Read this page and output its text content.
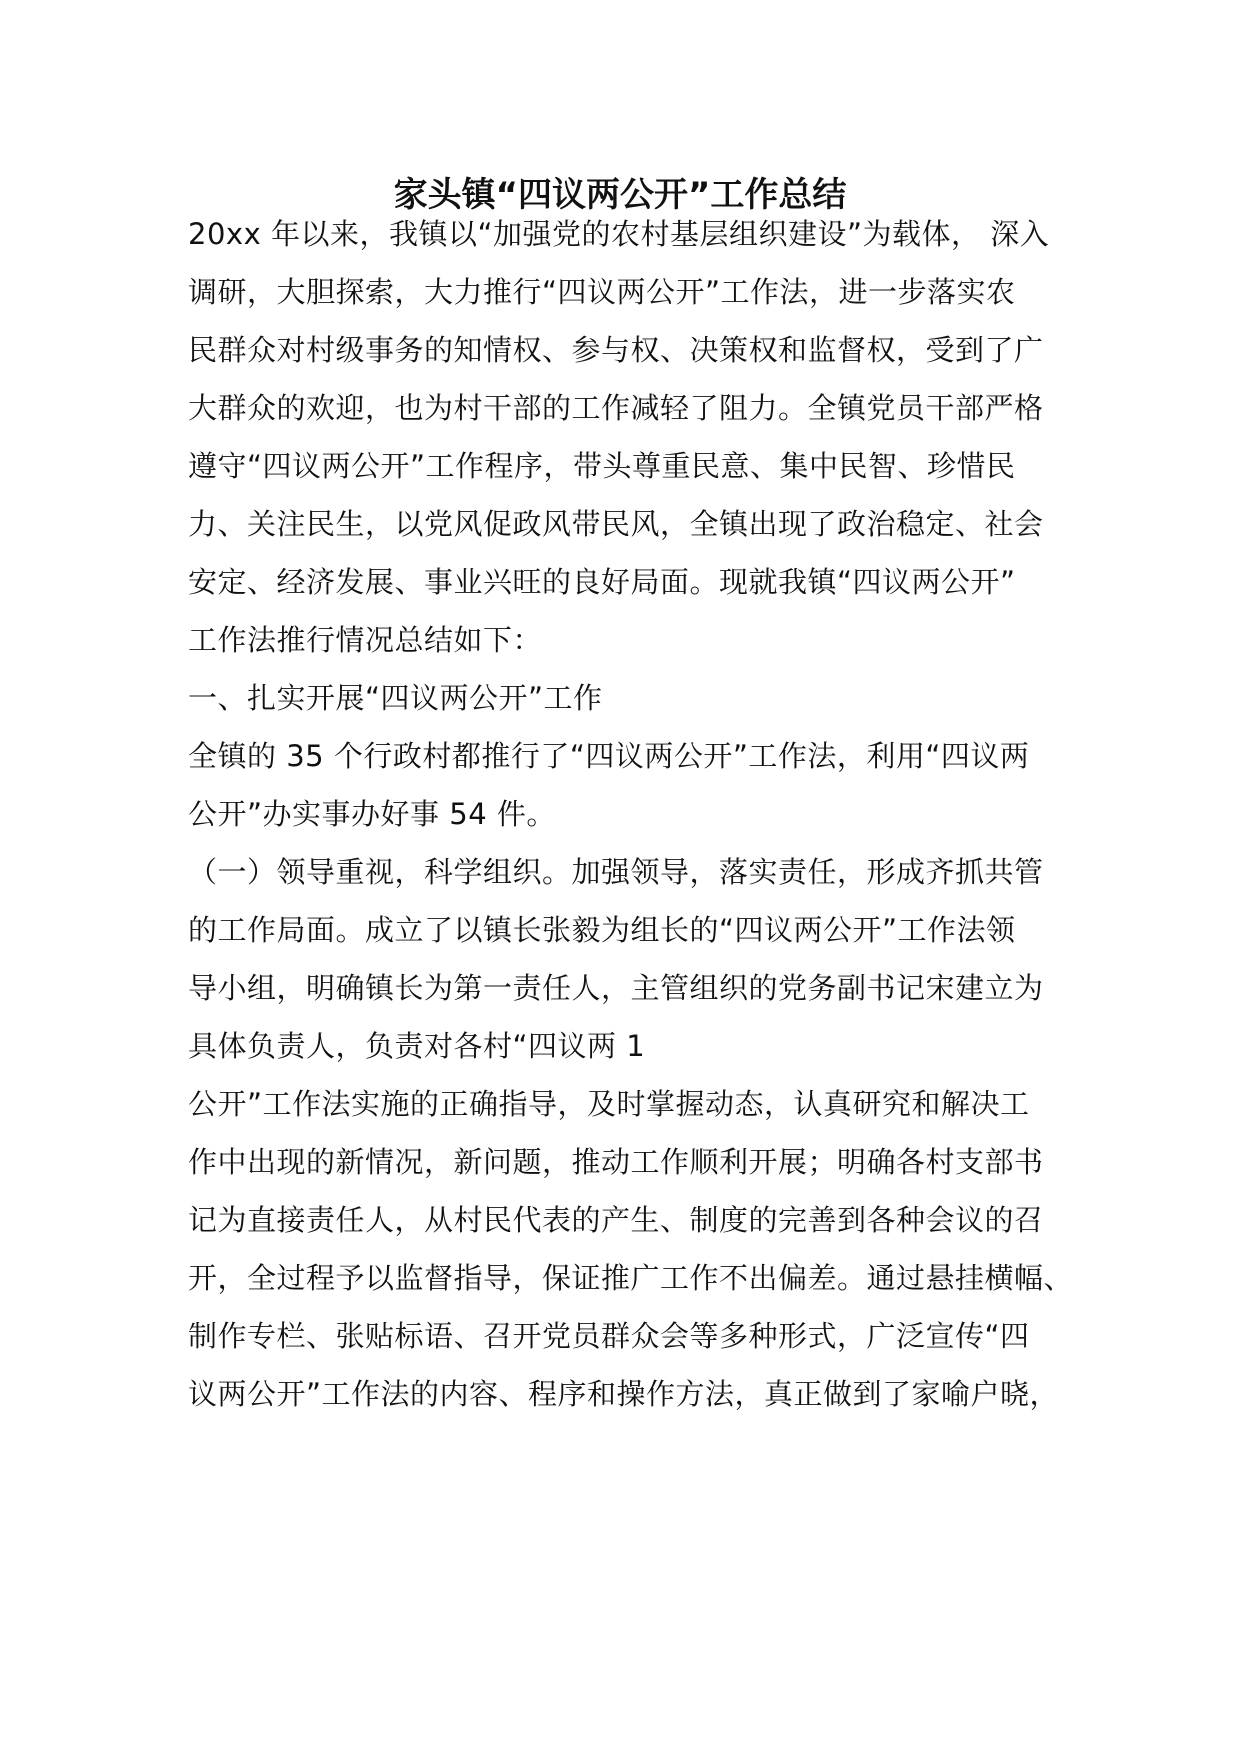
家头镇“四议两公开”工作总结
20xx 年以来，我镇以“加强党的农村基层组织建设”为载体， 深入
调研，大胆探索，大力推行“四议两公开”工作法，进一步落实农
民群众对村级事务的知情权、参与权、决策权和监督权，受到了广
大群众的欢迎，也为村干部的工作减轻了阻力。全镇党员干部严格
遵守“四议两公开”工作程序，带头尊重民意、集中民智、珍惜民
力、关注民生，以党风促政风带民风，全镇出现了政治稳定、社会
安定、经济发展、事业兴旺的良好局面。现就我镇“四议两公开”
工作法推行情况总结如下：
一、扎实开展“四议两公开”工作
全镇的 35 个行政村都推行了“四议两公开”工作法，利用“四议两
公开”办实事办好事 54 件。
（一）领导重视，科学组织。加强领导，落实责任，形成齐抓共管
的工作局面。成立了以镇长张毅为组长的“四议两公开”工作法领
导小组，明确镇长为第一责任人，主管组织的党务副书记宋建立为
具体负责人，负责对各村“四议两 1
公开”工作法实施的正确指导，及时掌握动态，认真研究和解决工
作中出现的新情况，新问题，推动工作顺利开展；明确各村支部书
记为直接责任人，从村民代表的产生、制度的完善到各种会议的召
开，全过程予以监督指导，保证推广工作不出偏差。通过悬挂横幅、
制作专栏、张贴标语、召开党员群众会等多种形式，广泛宣传“四
议两公开”工作法的内容、程序和操作方法，真正做到了家喻户晓，
